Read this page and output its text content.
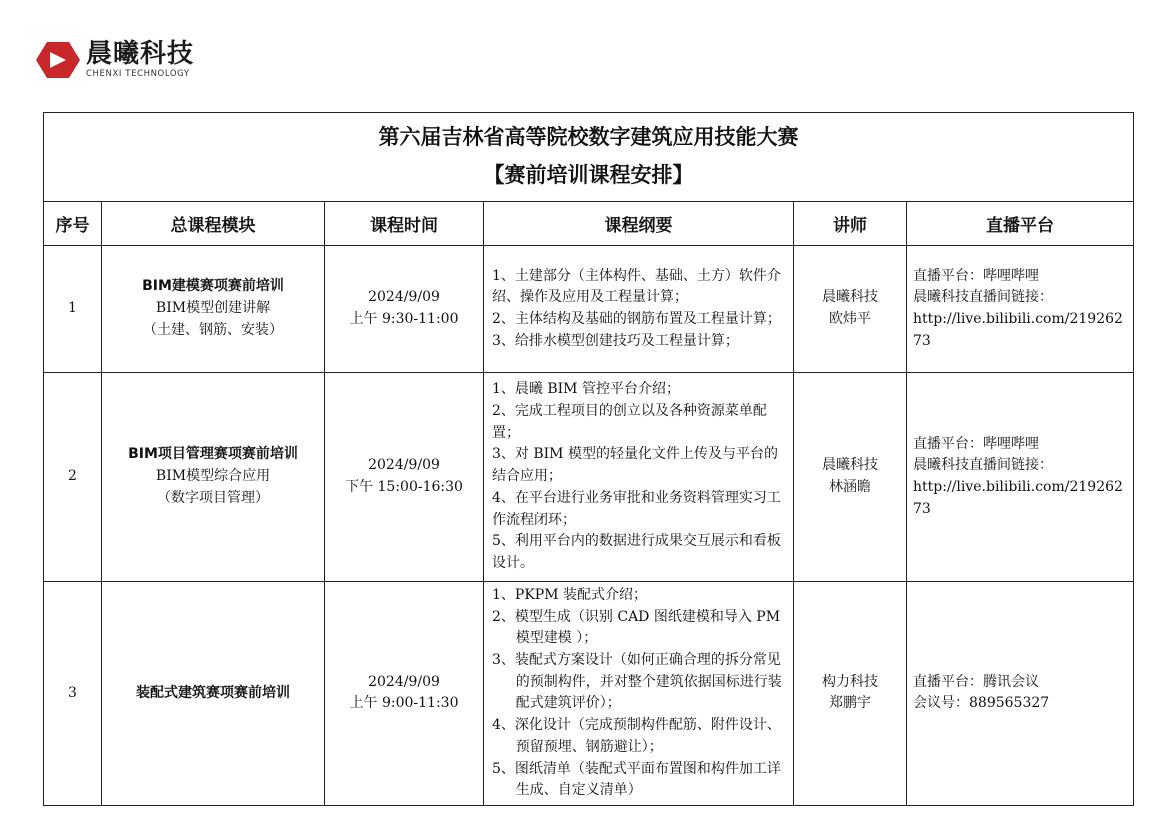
晨曦科技
CHENXI TECHNOLOGY
第六届吉林省高等院校数字建筑应用技能大赛
【赛前培训课程安排】					

序号	总课程模块	课程时间	课程纲要	讲师	直播平台
1	BIM建模赛项赛前培训
BIM模型创建讲解
（土建、钢筋、安装）	2024/9/09
上午 9:30-11:00	1、土建部分（主体构件、基础、土方）软件介绍、操作及应用及工程量计算；
2、主体结构及基础的钢筋布置及工程量计算；
3、给排水模型创建技巧及工程量计算；	晨曦科技
欧炜平	直播平台：哔哩哔哩
晨曦科技直播间链接：
http://live.bilibili.com/21926273

2	BIM项目管理赛项赛前培训
BIM模型综合应用
（数字项目管理）	2024/9/09
下午 15:00-16:30	1、晨曦 BIM 管控平台介绍；
2、完成工程项目的创立以及各种资源菜单配置；
3、对 BIM 模型的轻量化文件上传及与平台的结合应用；
4、在平台进行业务审批和业务资料管理实习工作流程闭环；
5、利用平台内的数据进行成果交互展示和看板设计。	晨曦科技
林涵瞻	直播平台：哔哩哔哩
晨曦科技直播间链接：
http://live.bilibili.com/21926273

3	装配式建筑赛项赛前培训	2024/9/09
上午 9:00-11:30	1、PKPM 装配式介绍；
2、模型生成（识别 CAD 图纸建模和导入 PM 模型建模 ）；
3、装配式方案设计（如何正确合理的拆分常见的预制构件，并对整个建筑依据国标进行装配式建筑评价）；
4、深化设计（完成预制构件配筋、附件设计、预留预埋、钢筋避让）；
5、图纸清单（装配式平面布置图和构件加工详生成、自定义清单）	构力科技
郑鹏宇	直播平台：腾讯会议
会议号：889565327
